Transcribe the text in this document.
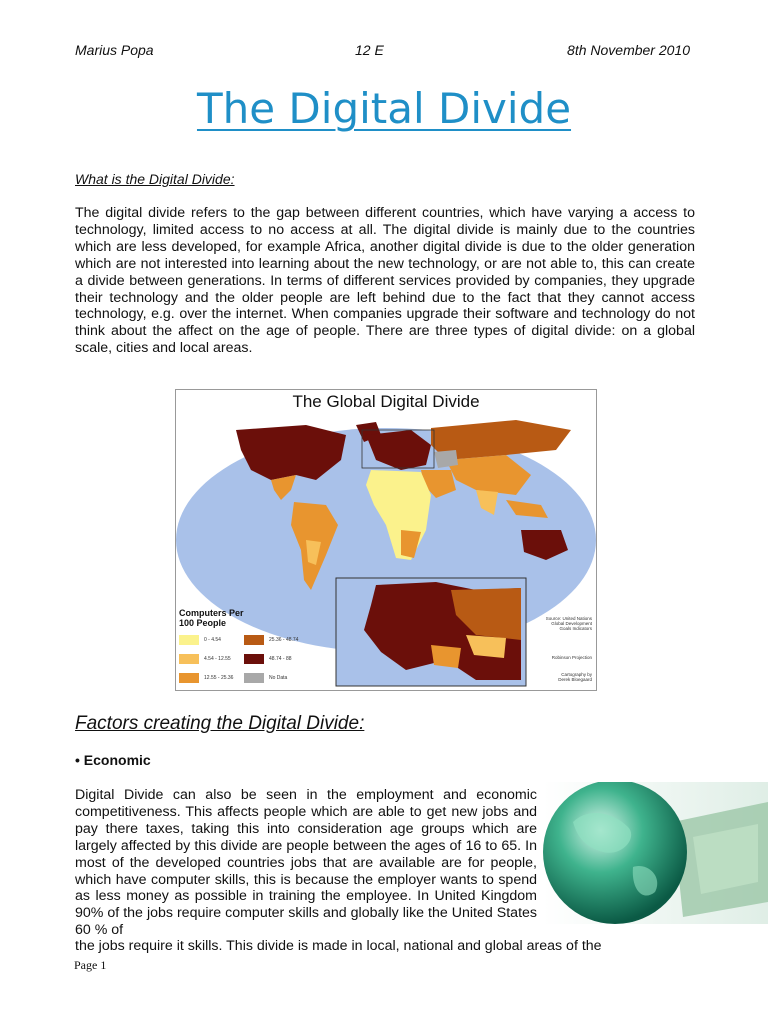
Marius Popa	12 E	8th November 2010
The Digital Divide
What is the Digital Divide:
The digital divide refers to the gap between different countries, which have varying a access to technology, limited access to no access at all. The digital divide is mainly due to the countries which are less developed, for example Africa, another digital divide is due to the older generation which are not interested into learning about the new technology, or are not able to, this can create a divide between generations. In terms of different services provided by companies, they upgrade their technology and the older people are left behind due to the fact that they cannot access technology, e.g. over the internet. When companies upgrade their software and technology do not think about the affect on the age of people. There are three types of digital divide: on a global scale, cities and local areas.
The Global Digital Divide
Computers Per 100 People
0 - 4.54
4.54 - 12.55
12.55 - 25.36
25.36 - 48.74
48.74 - 88
No Data
Source: United Nations Global Development Goals Indicators
Robinson Projection
Cartography by Derek Bloegaard
Factors creating the Digital Divide:
• Economic
Digital Divide can also be seen in the employment and economic competitiveness. This affects people which are able to get new jobs and pay there taxes, taking this into consideration age groups which are largely affected by this divide are people between the ages of 16 to 65. In most of the developed countries jobs that are available are for people, which have computer skills, this is because the employer wants to spend as less money as possible in training the employee. In United Kingdom 90% of the jobs require computer skills and globally like the United States 60 % of
the jobs require it skills. This divide is made in local, national and global areas of the
Page 1
